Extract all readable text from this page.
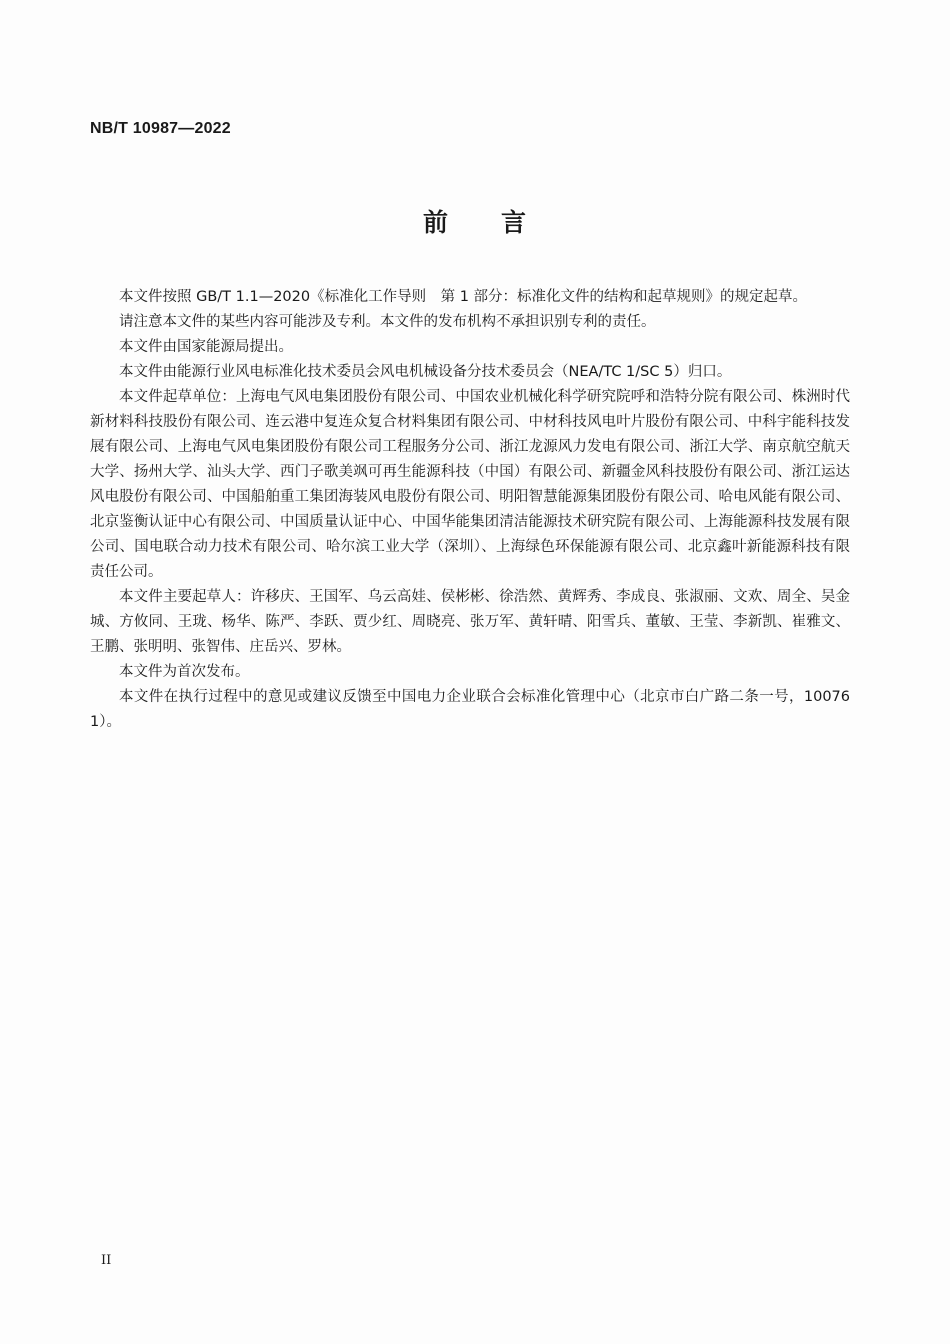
NB/T 10987—2022
前 言

本文件按照 GB/T 1.1—2020《标准化工作导则　第 1 部分：标准化文件的结构和起草规则》的规定起草。

请注意本文件的某些内容可能涉及专利。本文件的发布机构不承担识别专利的责任。

本文件由国家能源局提出。

本文件由能源行业风电标准化技术委员会风电机械设备分技术委员会（NEA/TC 1/SC 5）归口。

本文件起草单位：上海电气风电集团股份有限公司、中国农业机械化科学研究院呼和浩特分院有限公司、株洲时代新材料科技股份有限公司、连云港中复连众复合材料集团有限公司、中材科技风电叶片股份有限公司、中科宇能科技发展有限公司、上海电气风电集团股份有限公司工程服务分公司、浙江龙源风力发电有限公司、浙江大学、南京航空航天大学、扬州大学、汕头大学、西门子歌美飒可再生能源科技（中国）有限公司、新疆金风科技股份有限公司、浙江运达风电股份有限公司、中国船舶重工集团海装风电股份有限公司、明阳智慧能源集团股份有限公司、哈电风能有限公司、北京鉴衡认证中心有限公司、中国质量认证中心、中国华能集团清洁能源技术研究院有限公司、上海能源科技发展有限公司、国电联合动力技术有限公司、哈尔滨工业大学（深圳）、上海绿色环保能源有限公司、北京鑫叶新能源科技有限责任公司。

本文件主要起草人：许移庆、王国军、乌云高娃、侯彬彬、徐浩然、黄辉秀、李成良、张淑丽、文欢、周全、吴金城、方攸同、王珑、杨华、陈严、李跃、贾少红、周晓亮、张万军、黄轩晴、阳雪兵、董敏、王莹、李新凯、崔雅文、王鹏、张明明、张智伟、庄岳兴、罗林。

本文件为首次发布。

本文件在执行过程中的意见或建议反馈至中国电力企业联合会标准化管理中心（北京市白广路二条一号，100761）。

II
